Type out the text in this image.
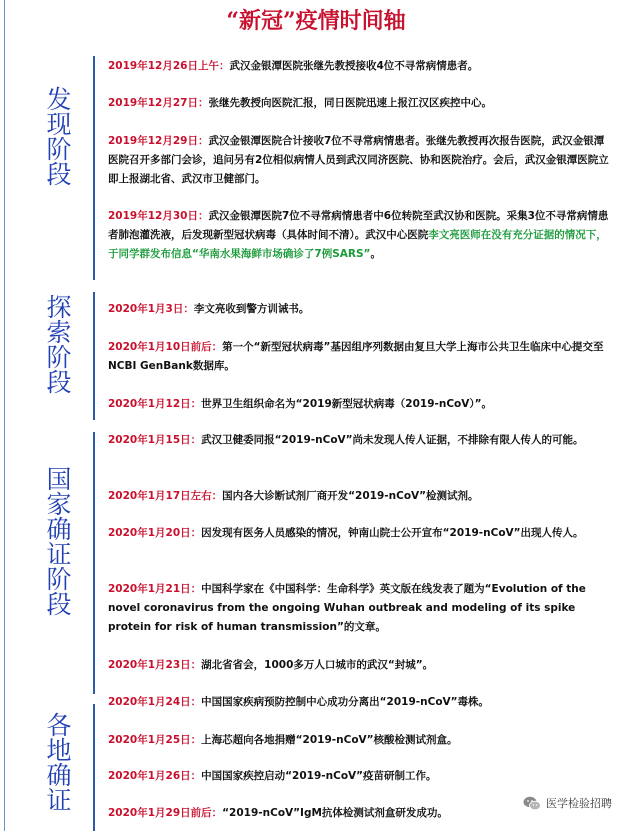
“新冠”疫情时间轴
发现阶段
探索阶段
国家确证阶段
各地确证
2019年12月26日上午：武汉金银潭医院张继先教授接收4位不寻常病情患者。
2019年12月27日：张继先教授向医院汇报，同日医院迅速上报江汉区疾控中心。
2019年12月29日：武汉金银潭医院合计接收7位不寻常病情患者。张继先教授再次报告医院，武汉金银潭医院召开多部门会诊，追问另有2位相似病情人员到武汉同济医院、协和医院治疗。会后，武汉金银潭医院立即上报湖北省、武汉市卫健部门。
2019年12月30日：武汉金银潭医院7位不寻常病情患者中6位转院至武汉协和医院。采集3位不寻常病情患者肺泡灌洗液，后发现新型冠状病毒（具体时间不清）。武汉中心医院李文亮医师在没有充分证据的情况下，于同学群发布信息“华南水果海鲜市场确诊了7例SARS”。
2020年1月3日：李文亮收到警方训诫书。
2020年1月10日前后：第一个“新型冠状病毒”基因组序列数据由复旦大学上海市公共卫生临床中心提交至NCBI GenBank数据库。
2020年1月12日：世界卫生组织命名为“2019新型冠状病毒（2019-nCoV）”。
2020年1月15日：武汉卫健委同报“2019-nCoV”尚未发现人传人证据，不排除有限人传人的可能。
2020年1月17日左右：国内各大诊断试剂厂商开发“2019-nCoV”检测试剂。
2020年1月20日：因发现有医务人员感染的情况，钟南山院士公开宣布“2019-nCoV”出现人传人。
2020年1月21日：中国科学家在《中国科学：生命科学》英文版在线发表了题为“Evolution of the novel coronavirus from the ongoing Wuhan outbreak and modeling of its spike protein for risk of human transmission”的文章。
2020年1月23日：湖北省省会，1000多万人口城市的武汉“封城”。
2020年1月24日：中国国家疾病预防控制中心成功分离出“2019-nCoV”毒株。
2020年1月25日：上海芯超向各地捐赠“2019-nCoV”核酸检测试剂盒。
2020年1月26日：中国国家疾控启动“2019-nCoV”疫苗研制工作。
2020年1月29日前后：“2019-nCoV”IgM抗体检测试剂盒研发成功。
医学检验招聘
